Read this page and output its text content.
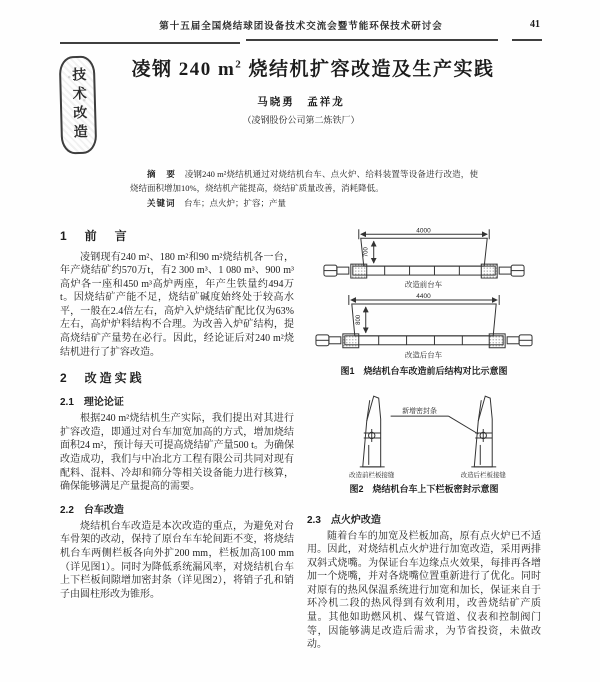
第十五届全国烧结球团设备技术交流会暨节能环保技术研讨会	41
技术改造	凌钢 240 $m^2$ 烧结机扩容改造及生产实践
马晓勇　孟祥龙
（凌钢股份公司第二炼铁厂）

摘　要　凌钢240 m²烧结机通过对烧结机台车、点火炉、给料装置等设备进行改造，使烧结面积增加10%，烧结机产能提高，烧结矿质量改善，消耗降低。

关键词　台车；点火炉；扩容；产量

1　前　言

凌钢现有240 m²、180 m²和90 m²烧结机各一台，年产烧结矿约570万t，有2 300 m³、1 080 m³、900 m³高炉各一座和450 m³高炉两座，年产生铁量约494万t。因烧结矿产能不足，烧结矿碱度始终处于较高水平，一般在2.4倍左右，高炉入炉烧结矿配比仅为63%左右，高炉炉料结构不合理。为改善入炉矿结构，提高烧结矿产量势在必行。因此，经论证后对240 m²烧结机进行了扩容改造。

2　改造实践
2.1　理论论证

根据240 m²烧结机生产实际，我们提出对其进行扩容改造，即通过对台车加宽加高的方式，增加烧结面积24 m²，预计每天可提高烧结矿产量500 t。为确保改造成功，我们与中冶北方工程有限公司共同对现有配料、混料、冷却和筛分等相关设备能力进行核算，确保能够满足产量提高的需要。

2.2　台车改造

烧结机台车改造是本次改造的重点，为避免对台车骨架的改动，保持了原台车车轮间距不变，将烧结机台车两侧栏板各向外扩200 mm，栏板加高100 mm（详见图1）。同时为降低系统漏风率，对烧结机台车上下栏板间隙增加密封条（详见图2），将销子孔和销子由圆柱形改为锥形。

4000
700
改造前台车
4400
800
改造后台车
图1　烧结机台车改造前后结构对比示意图
新增密封条
改造前栏板接缝	改造后栏板接缝
图2　烧结机台车上下栏板密封示意图
2.3　点火炉改造

随着台车的加宽及栏板加高，原有点火炉已不适用。因此，对烧结机点火炉进行加宽改造，采用两排双斜式烧嘴。为保证台车边缘点火效果，每排再各增加一个烧嘴，并对各烧嘴位置重新进行了优化。同时对原有的热风保温系统进行加宽和加长，保证来自于环冷机二段的热风得到有效利用，改善烧结矿产质量。其他如助燃风机、煤气管道、仪表和控制阀门等，因能够满足改造后需求，为节省投资，未做改动。
